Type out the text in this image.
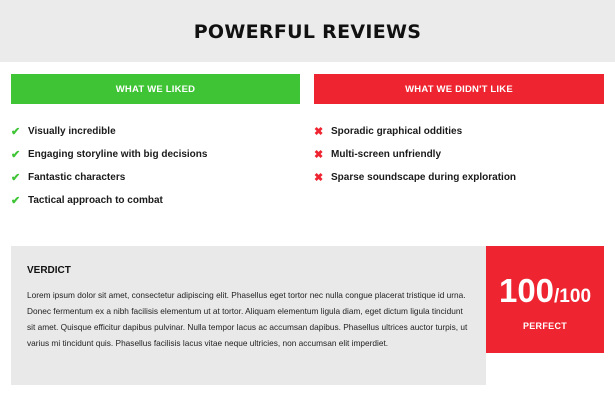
POWERFUL REVIEWS
WHAT WE LIKED	WHAT WE DIDN'T LIKE
✔ Visually incredible
✔ Engaging storyline with big decisions
✔ Fantastic characters
✔ Tactical approach to combat
✖ Sporadic graphical oddities
✖ Multi-screen unfriendly
✖ Sparse soundscape during exploration
VERDICT

Lorem ipsum dolor sit amet, consectetur adipiscing elit. Phasellus eget tortor nec nulla congue placerat tristique id urna. Donec fermentum ex a nibh facilisis elementum ut at tortor. Aliquam elementum ligula diam, eget dictum ligula tincidunt sit amet. Quisque efficitur dapibus pulvinar. Nulla tempor lacus ac accumsan dapibus. Phasellus ultrices auctor turpis, ut varius mi tincidunt quis. Phasellus facilisis lacus vitae neque ultricies, non accumsan elit imperdiet.

100 /100
PERFECT
